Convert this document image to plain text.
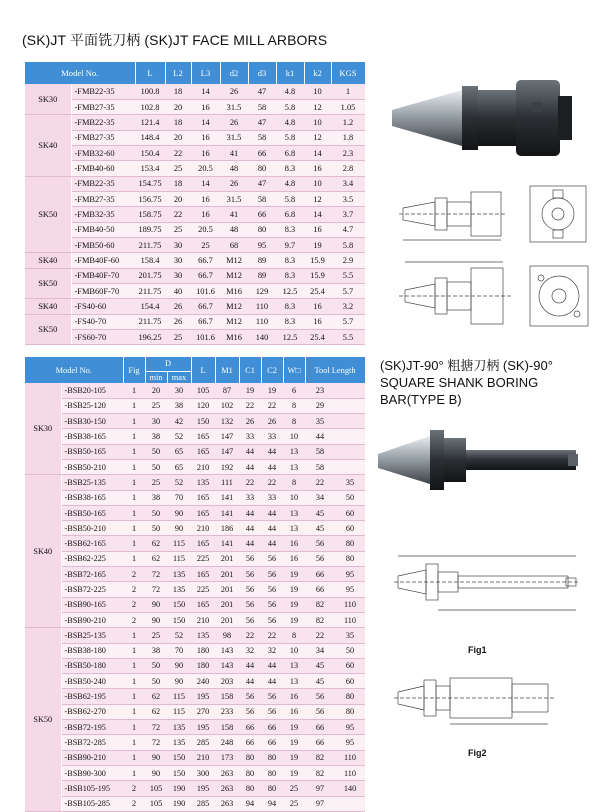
(SK)JT 平面铣刀柄 (SK)JT FACE MILL ARBORS
Model No.		L	L2	L3	d2	d3	k1	k2	KGS
SK30	-FMB22-35	100.8	18	14	26	47	4.8	10	1
	-FMB27-35	102.8	20	16	31.5	58	5.8	12	1.05
SK40	-FMB22-35	121.4	18	14	26	47	4.8	10	1.2
	-FMB27-35	148.4	20	16	31.5	58	5.8	12	1.8
	-FMB32-60	150.4	22	16	41	66	6.8	14	2.3
	-FMB40-60	153.4	25	20.5	48	80	8.3	16	2.8
SK50	-FMB22-35	154.75	18	14	26	47	4.8	10	3.4
	-FMB27-35	156.75	20	16	31.5	58	5.8	12	3.5
	-FMB32-35	158.75	22	16	41	66	6.8	14	3.7
	-FMB40-50	189.75	25	20.5	48	80	8.3	16	4.7
	-FMB50-60	211.75	30	25	68	95	9.7	19	5.8
SK40	-FMB40F-60	158.4	30	66.7	M12	89	8.3	15.9	2.9
SK50	-FMB40F-70	201.75	30	66.7	M12	89	8.3	15.9	5.5
	-FMB60F-70	211.75	40	101.6	M16	129	12.5	25.4	5.7
SK40	-FS40-60	154.4	26	66.7	M12	110	8.3	16	3.2
SK50	-FS40-70	211.75	26	66.7	M12	110	8.3	16	5.7
	-FS60-70	196.25	25	101.6	M16	140	12.5	25.4	5.5
(SK)JT-90° 粗搪刀柄 (SK)-90°
SQUARE SHANK BORING
BAR(TYPE B)
Model No.		Fig	D		L	M1	C1	C2	W□	Tool Length	
			min	max							
SK30	-BSB20-105	1	20	30	105	87	19	19	6	23	
	-BSB25-120	1	25	38	120	102	22	22	8	29	
	-BSB30-150	1	30	42	150	132	26	26	8	35	
	-BSB38-165	1	38	52	165	147	33	33	10	44	
	-BSB50-165	1	50	65	165	147	44	44	13	58	
	-BSB50-210	1	50	65	210	192	44	44	13	58	
SK40	-BSB25-135	1	25	52	135	111	22	22	8	22	35
	-BSB38-165	1	38	70	165	141	33	33	10	34	50
	-BSB50-165	1	50	90	165	141	44	44	13	45	60
	-BSB50-210	1	50	90	210	186	44	44	13	45	60
	-BSB62-165	1	62	115	165	141	44	44	16	56	80
	-BSB62-225	1	62	115	225	201	56	56	16	56	80
	-BSB72-165	2	72	135	165	201	56	56	19	66	95
	-BSB72-225	2	72	135	225	201	56	56	19	66	95
	-BSB90-165	2	90	150	165	201	56	56	19	82	110
	-BSB90-210	2	90	150	210	201	56	56	19	82	110
SK50	-BSB25-135	1	25	52	135	98	22	22	8	22	35
	-BSB38-180	1	38	70	180	143	32	32	10	34	50
	-BSB50-180	1	50	90	180	143	44	44	13	45	60
	-BSB50-240	1	50	90	240	203	44	44	13	45	60
	-BSB62-195	1	62	115	195	158	56	56	16	56	80
	-BSB62-270	1	62	115	270	233	56	56	16	56	80
	-BSB72-195	1	72	135	195	158	66	66	19	66	95
	-BSB72-285	1	72	135	285	248	66	66	19	66	95
	-BSB90-210	1	90	150	210	173	80	80	19	82	110
	-BSB90-300	1	90	150	300	263	80	80	19	82	110
	-BSB105-195	2	105	190	195	263	80	80	25	97	140
	-BSB105-285	2	105	190	285	263	94	94	25	97	
Fig1
Fig2
